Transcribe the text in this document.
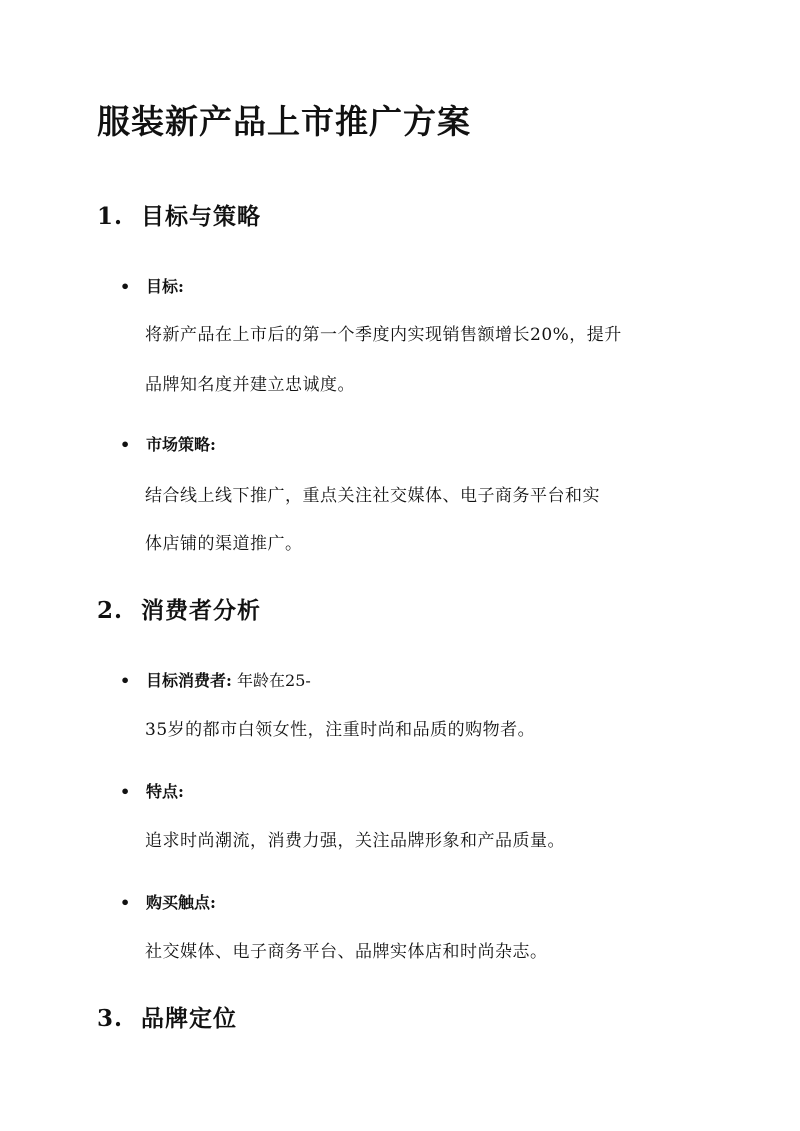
服装新产品上市推广方案
1. 目标与策略
• 目标:
将新产品在上市后的第一个季度内实现销售额增长20%，提升
品牌知名度并建立忠诚度。
• 市场策略:
结合线上线下推广，重点关注社交媒体、电子商务平台和实
体店铺的渠道推广。
2. 消费者分析
• 目标消费者: 年龄在25-
35岁的都市白领女性，注重时尚和品质的购物者。
• 特点:
追求时尚潮流，消费力强，关注品牌形象和产品质量。
• 购买触点:
社交媒体、电子商务平台、品牌实体店和时尚杂志。
3. 品牌定位
